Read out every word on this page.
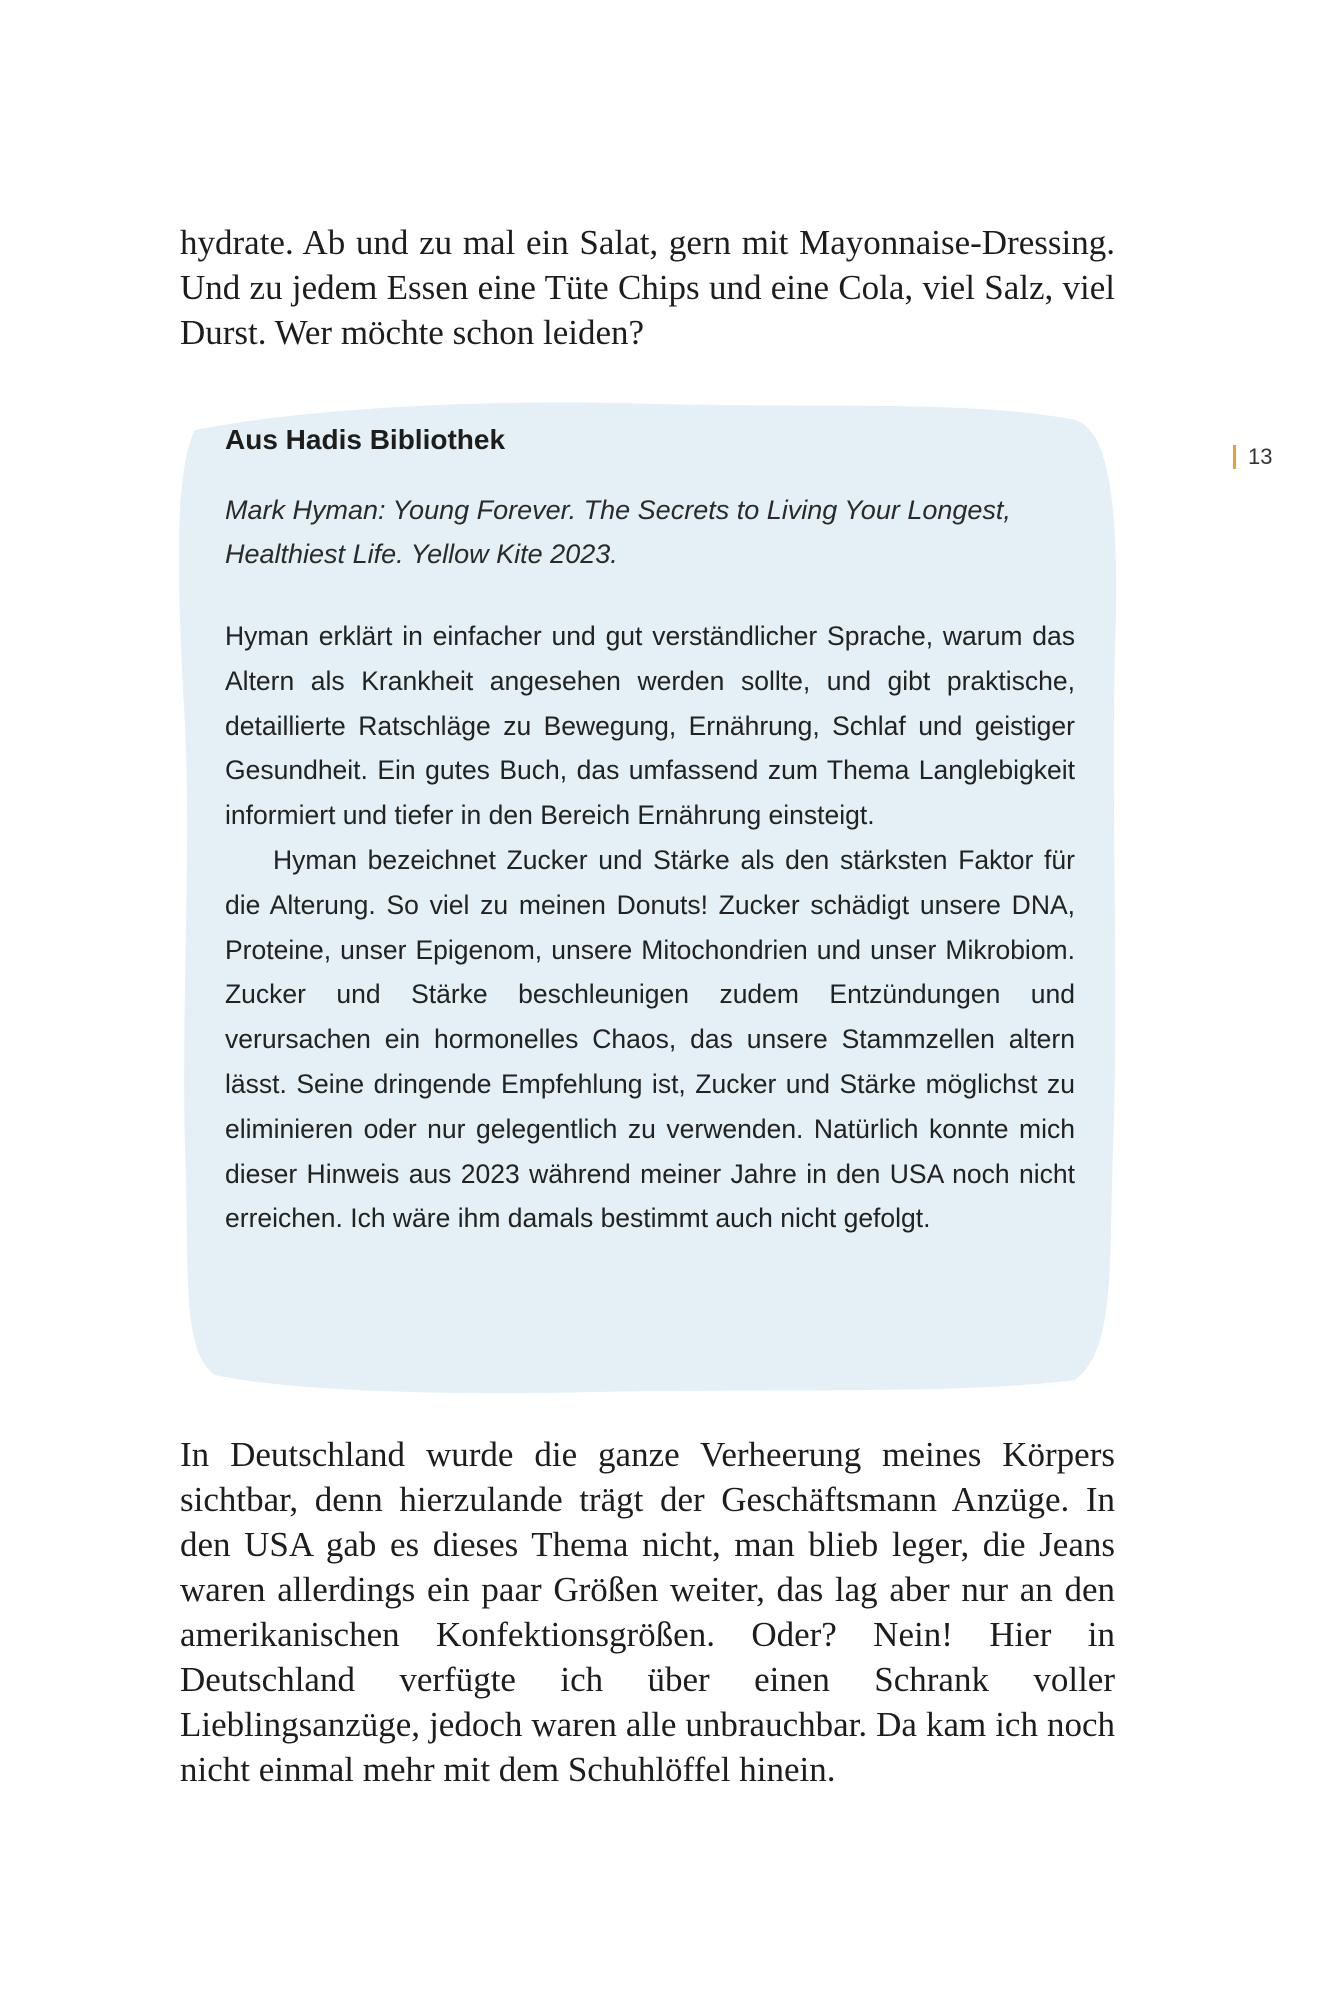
hydrate. Ab und zu mal ein Salat, gern mit Mayonnaise-Dressing. Und zu jedem Essen eine Tüte Chips und eine Cola, viel Salz, viel Durst. Wer möchte schon leiden?

13

Aus Hadis Bibliothek

Mark Hyman: Young Forever. The Secrets to Living Your Longest, Healthiest Life. Yellow Kite 2023.

Hyman erklärt in einfacher und gut verständlicher Sprache, warum das Altern als Krankheit angesehen werden sollte, und gibt praktische, detaillierte Ratschläge zu Bewegung, Ernährung, Schlaf und geistiger Gesundheit. Ein gutes Buch, das umfassend zum Thema Langlebigkeit informiert und tiefer in den Bereich Ernährung einsteigt.

Hyman bezeichnet Zucker und Stärke als den stärksten Faktor für die Alterung. So viel zu meinen Donuts! Zucker schädigt unsere DNA, Proteine, unser Epigenom, unsere Mitochondrien und unser Mikrobiom. Zucker und Stärke beschleunigen zudem Entzündungen und verursachen ein hormonelles Chaos, das unsere Stammzellen altern lässt. Seine dringende Empfehlung ist, Zucker und Stärke möglichst zu eliminieren oder nur gelegentlich zu verwenden. Natürlich konnte mich dieser Hinweis aus 2023 während meiner Jahre in den USA noch nicht erreichen. Ich wäre ihm damals bestimmt auch nicht gefolgt.

In Deutschland wurde die ganze Verheerung meines Körpers sichtbar, denn hierzulande trägt der Geschäftsmann Anzüge. In den USA gab es dieses Thema nicht, man blieb leger, die Jeans waren allerdings ein paar Größen weiter, das lag aber nur an den amerikanischen Konfektionsgrößen. Oder? Nein! Hier in Deutschland verfügte ich über einen Schrank voller Lieblingsanzüge, jedoch waren alle unbrauchbar. Da kam ich noch nicht einmal mehr mit dem Schuhlöffel hinein.
